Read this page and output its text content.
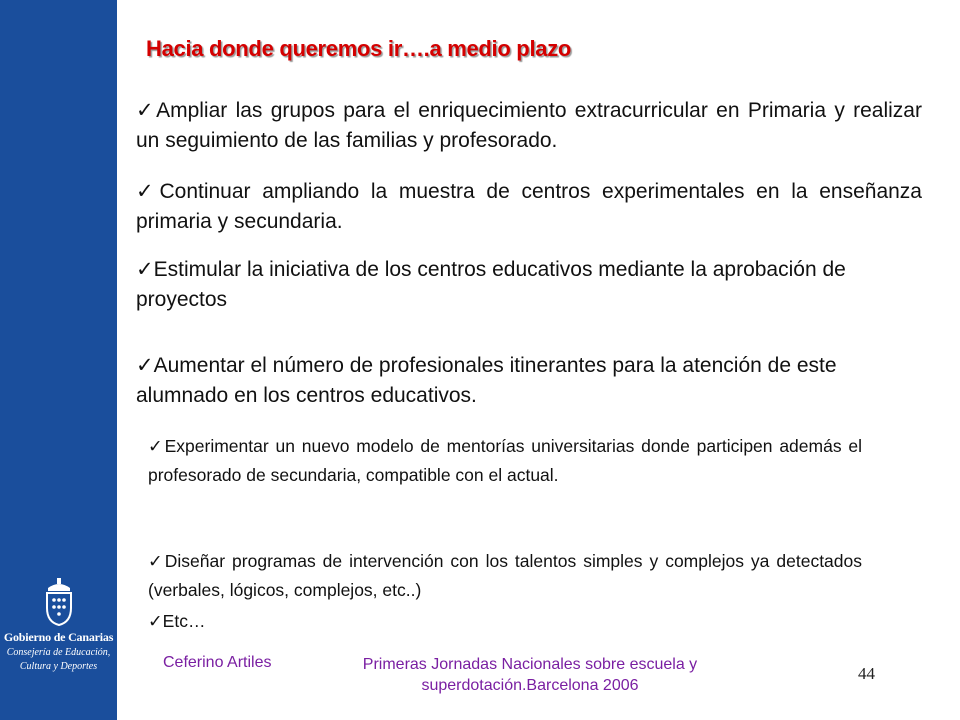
Gobierno de Canarias
Consejería de Educación,
Cultura y Deportes
Hacia donde queremos ir….a medio plazo
✓Ampliar las grupos para el enriquecimiento extracurricular en Primaria y realizar un seguimiento de las familias y profesorado.
✓Continuar ampliando la muestra de centros experimentales en la enseñanza primaria y secundaria.
✓Estimular la iniciativa de los centros educativos mediante la aprobación de proyectos
✓Aumentar el número de profesionales itinerantes para la atención de este alumnado en los centros educativos.
✓Experimentar un nuevo modelo de mentorías universitarias donde participen además el profesorado de secundaria, compatible con el actual.
✓Diseñar programas de intervención con los talentos simples y complejos ya detectados (verbales, lógicos, complejos, etc..)
✓Etc…
Ceferino Artiles	Primeras Jornadas Nacionales sobre escuela y
superdotación.Barcelona 2006
44
